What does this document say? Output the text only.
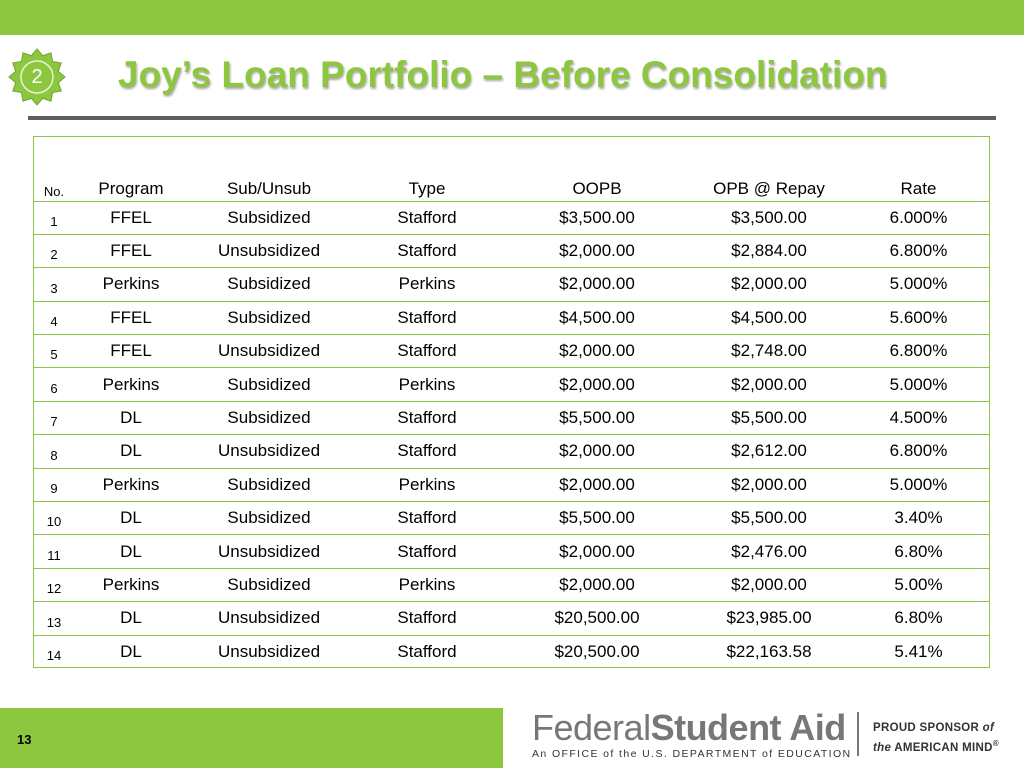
2	Joy’s Loan Portfolio – Before Consolidation
No.	Program	Sub/Unsub	Type	OOPB	OPB @ Repay	Rate
1	FFEL	Subsidized	Stafford	$3,500.00	$3,500.00	6.000%
2	FFEL	Unsubsidized	Stafford	$2,000.00	$2,884.00	6.800%
3	Perkins	Subsidized	Perkins	$2,000.00	$2,000.00	5.000%
4	FFEL	Subsidized	Stafford	$4,500.00	$4,500.00	5.600%
5	FFEL	Unsubsidized	Stafford	$2,000.00	$2,748.00	6.800%
6	Perkins	Subsidized	Perkins	$2,000.00	$2,000.00	5.000%
7	DL	Subsidized	Stafford	$5,500.00	$5,500.00	4.500%
8	DL	Unsubsidized	Stafford	$2,000.00	$2,612.00	6.800%
9	Perkins	Subsidized	Perkins	$2,000.00	$2,000.00	5.000%
10	DL	Subsidized	Stafford	$5,500.00	$5,500.00	3.40%
11	DL	Unsubsidized	Stafford	$2,000.00	$2,476.00	6.80%
12	Perkins	Subsidized	Perkins	$2,000.00	$2,000.00	5.00%
13	DL	Unsubsidized	Stafford	$20,500.00	$23,985.00	6.80%
14	DL	Unsubsidized	Stafford	$20,500.00	$22,163.58	5.41%
13	FederalStudent Aid
An OFFICE of the U.S. DEPARTMENT of EDUCATION
PROUD SPONSOR of
the AMERICAN MIND®
